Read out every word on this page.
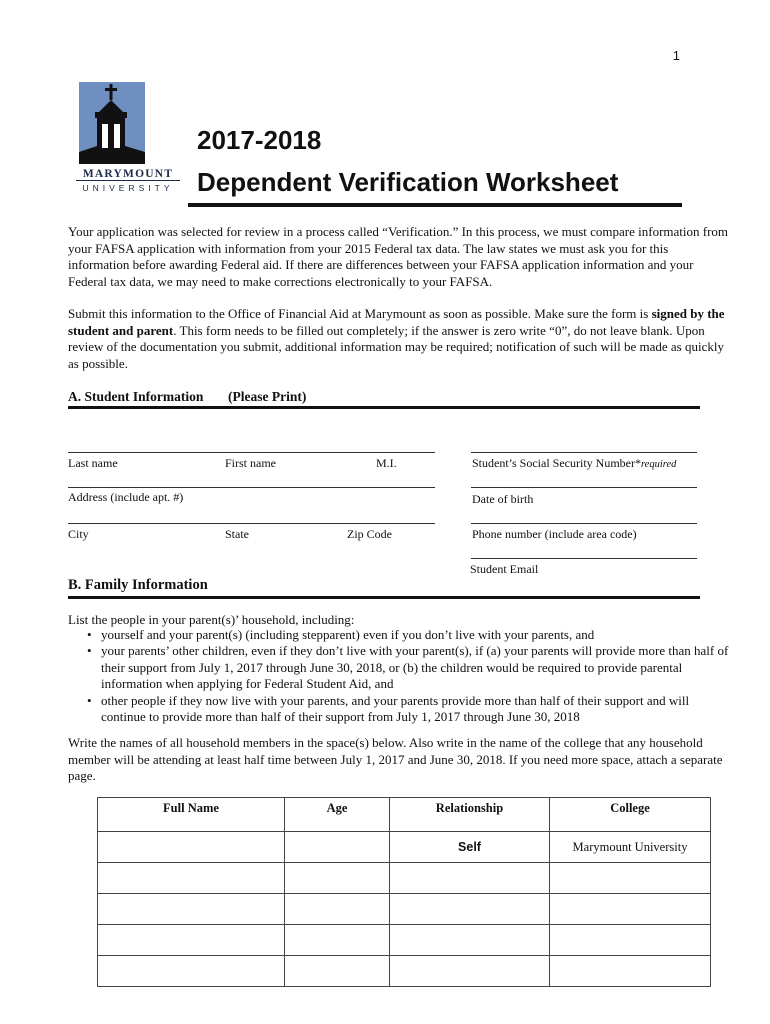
1
MARYMOUNT
UNIVERSITY
2017-2018
Dependent Verification Worksheet
Your application was selected for review in a process called “Verification.” In this process, we must compare information from your FAFSA application with information from your 2015 Federal tax data. The law states we must ask you for this information before awarding Federal aid. If there are differences between your FAFSA application information and your Federal tax data, we may need to make corrections electronically to your FAFSA.
Submit this information to the Office of Financial Aid at Marymount as soon as possible. Make sure the form is signed by the student and parent. This form needs to be filled out completely; if the answer is zero write “0”, do not leave blank. Upon review of the documentation you submit, additional information may be required; notification of such will be made as quickly as possible.
A. Student Information (Please Print)
Last name	First name	M.I.	Student’s Social Security Number*required
Address (include apt. #)	Date of birth
City	State	Zip Code	Phone number (include area code)
Student Email
B. Family Information
List the people in your parent(s)’ household, including:
• yourself and your parent(s) (including stepparent) even if you don’t live with your parents, and
• your parents’ other children, even if they don’t live with your parent(s), if (a) your parents will provide more than half of their support from July 1, 2017 through June 30, 2018, or (b) the children would be required to provide parental information when applying for Federal Student Aid, and
• other people if they now live with your parents, and your parents provide more than half of their support and will continue to provide more than half of their support from July 1, 2017 through June 30, 2018
Write the names of all household members in the space(s) below. Also write in the name of the college that any household member will be attending at least half time between July 1, 2017 and June 30, 2018. If you need more space, attach a separate page.
Full Name	Age	Relationship	College
		Self	Marymount University
